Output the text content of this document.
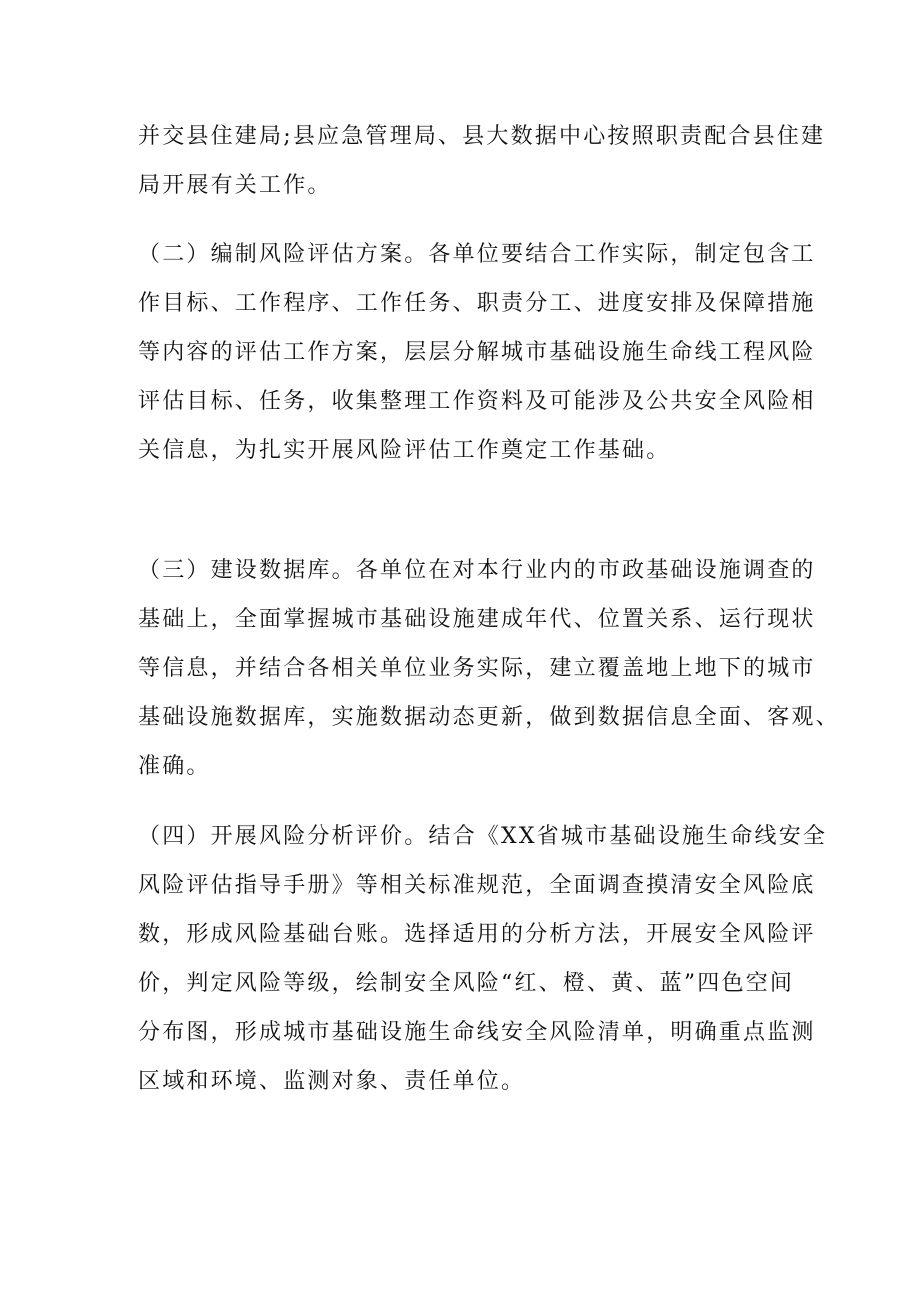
并交县住建局;县应急管理局、县大数据中心按照职责配合县住建
局开展有关工作。
（二）编制风险评估方案。各单位要结合工作实际，制定包含工
作目标、工作程序、工作任务、职责分工、进度安排及保障措施
等内容的评估工作方案，层层分解城市基础设施生命线工程风险
评估目标、任务，收集整理工作资料及可能涉及公共安全风险相
关信息，为扎实开展风险评估工作奠定工作基础。
（三）建设数据库。各单位在对本行业内的市政基础设施调查的
基础上，全面掌握城市基础设施建成年代、位置关系、运行现状
等信息，并结合各相关单位业务实际，建立覆盖地上地下的城市
基础设施数据库，实施数据动态更新，做到数据信息全面、客观、
准确。
（四）开展风险分析评价。结合《XX省城市基础设施生命线安全
风险评估指导手册》等相关标准规范，全面调查摸清安全风险底
数，形成风险基础台账。选择适用的分析方法，开展安全风险评
价，判定风险等级，绘制安全风险“红、橙、黄、蓝”四色空间
分布图，形成城市基础设施生命线安全风险清单，明确重点监测
区域和环境、监测对象、责任单位。
